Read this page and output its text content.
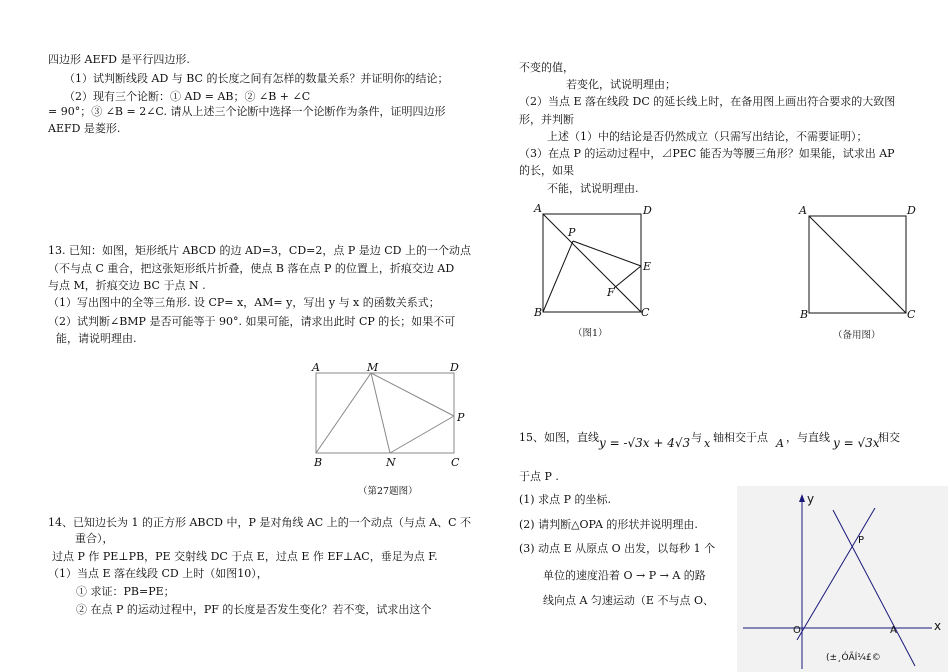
四边形 AEFD 是平行四边形.
（1）试判断线段 AD 与 BC 的长度之间有怎样的数量关系？并证明你的结论；
（2）现有三个论断：① AD = AB；② ∠B + ∠C
= 90°；③ ∠B = 2∠C. 请从上述三个论断中选择一个论断作为条件，证明四边形
AEFD 是菱形.
13. 已知：如图，矩形纸片 ABCD 的边 AD=3，CD=2，点 P 是边 CD 上的一个动点
（不与点 C 重合，把这张矩形纸片折叠，使点 B 落在点 P 的位置上，折痕交边 AD
与点 M，折痕交边 BC 于点 N .
（1）写出图中的全等三角形. 设 CP= x，AM= y，写出 y 与 x 的函数关系式；
（2）试判断∠BMP 是否可能等于 90°. 如果可能，请求出此时 CP 的长；如果不可
能，请说明理由.
A	M	D
P
B	N	C
（第27题图）
14、已知边长为 1 的正方形 ABCD 中，P 是对角线 AC 上的一个动点（与点 A、C 不
重合），
过点 P 作 PE⊥PB，PE 交射线 DC 于点 E，过点 E 作 EF⊥AC，垂足为点 F.
（1）当点 E 落在线段 CD 上时（如图10），
① 求证：PB=PE；
② 在点 P 的运动过程中，PF 的长度是否发生变化？若不变，试求出这个
不变的值，
若变化，试说明理由；
（2）当点 E 落在线段 DC 的延长线上时，在备用图上画出符合要求的大致图
形，并判断
上述（1）中的结论是否仍然成立（只需写出结论，不需要证明）；
（3）在点 P 的运动过程中，⊿PEC 能否为等腰三角形？如果能，试求出 AP
的长，如果
不能，试说明理由.
A	D
P
E
F
B	C
（图1）
A	D
B	C
（备用图）
15、如图，直线 y = -√3x + 4√3 与 x 轴相交于点 A ，与直线 y = √3x
相交
于点 P .
(1) 求点 P 的坐标.
(2) 请判断△OPA 的形状并说明理由.
(3) 动点 E 从原点 O 出发，以每秒 1 个
单位的速度沿着 O → P → A 的路
线向点 A 匀速运动（E 不与点 O、
y
x
P
O	A
(±¸ÓÃÍ¼£©
